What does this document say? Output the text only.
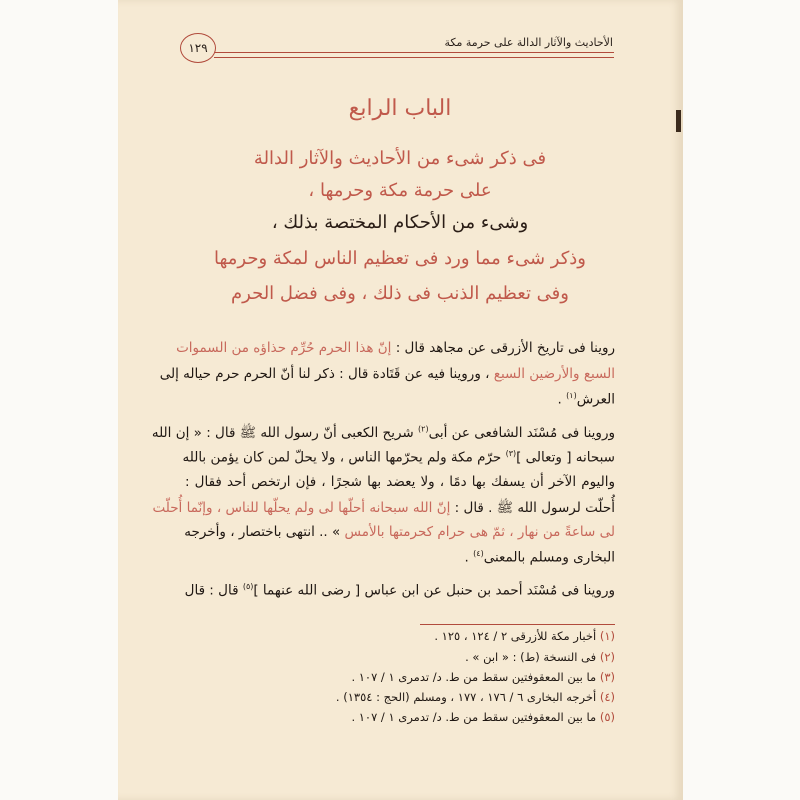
الأحاديث والآثار الدالة على حرمة مكة
١٢٩
الباب الرابع
فى ذكر شىء من الأحاديث والآثار الدالة
على حرمة مكة وحرمها ،
وشىء من الأحكام المختصة بذلك ،
وذكر شىء مما ورد فى تعظيم الناس لمكة وحرمها
وفى تعظيم الذنب فى ذلك ، وفى فضل الحرم
روينا فى تاريخ الأزرقى عن مجاهد قال : إنّ هذا الحرم حُرِّم حذاؤه من السموات
السبع والأرضين السبع ، وروينا فيه عن قَتَادة قال : ذكر لنا أنّ الحرم حرم حياله إلى
العرش$^{(١)}$ .
وروينا فى مُسْنَد الشافعى عن أبى$^{(٢)}$ شريح الكعبى أنّ رسول الله ﷺ قال : « إن الله
سبحانه [ وتعالى ]$^{(٣)}$ حرّم مكة ولم يحرّمها الناس ، ولا يحلّ لمن كان يؤمن بالله
واليوم الآخر أن يسفك بها دمًا ، ولا يعضد بها شجرًا ، فإن ارتخص أحد فقال :
أُحلّت لرسول الله ﷺ . قال : إنّ الله سبحانه أحلّها لى ولم يحلّها للناس ، وإنّما أُحلّت
لى ساعةً من نهار ، ثمّ هى حرام كحرمتها بالأمس » .. انتهى باختصار ، وأخرجه
البخارى ومسلم بالمعنى$^{(٤)}$ .
وروينا فى مُسْنَد أحمد بن حنبل عن ابن عباس [ رضى الله عنهما ]$^{(٥)}$ قال : قال
(١) أخبار مكة للأزرقى ٢ / ١٢٤ ، ١٢٥ .
(٢) فى النسخة (ط) : « ابن » .
(٣) ما بين المعقوفتين سقط من ط. د/ تدمرى ١ / ١٠٧ .
(٤) أخرجه البخارى ٦ / ١٧٦ ، ١٧٧ ، ومسلم (الحج : ١٣٥٤) .
(٥) ما بين المعقوفتين سقط من ط. د/ تدمرى ١ / ١٠٧ .
